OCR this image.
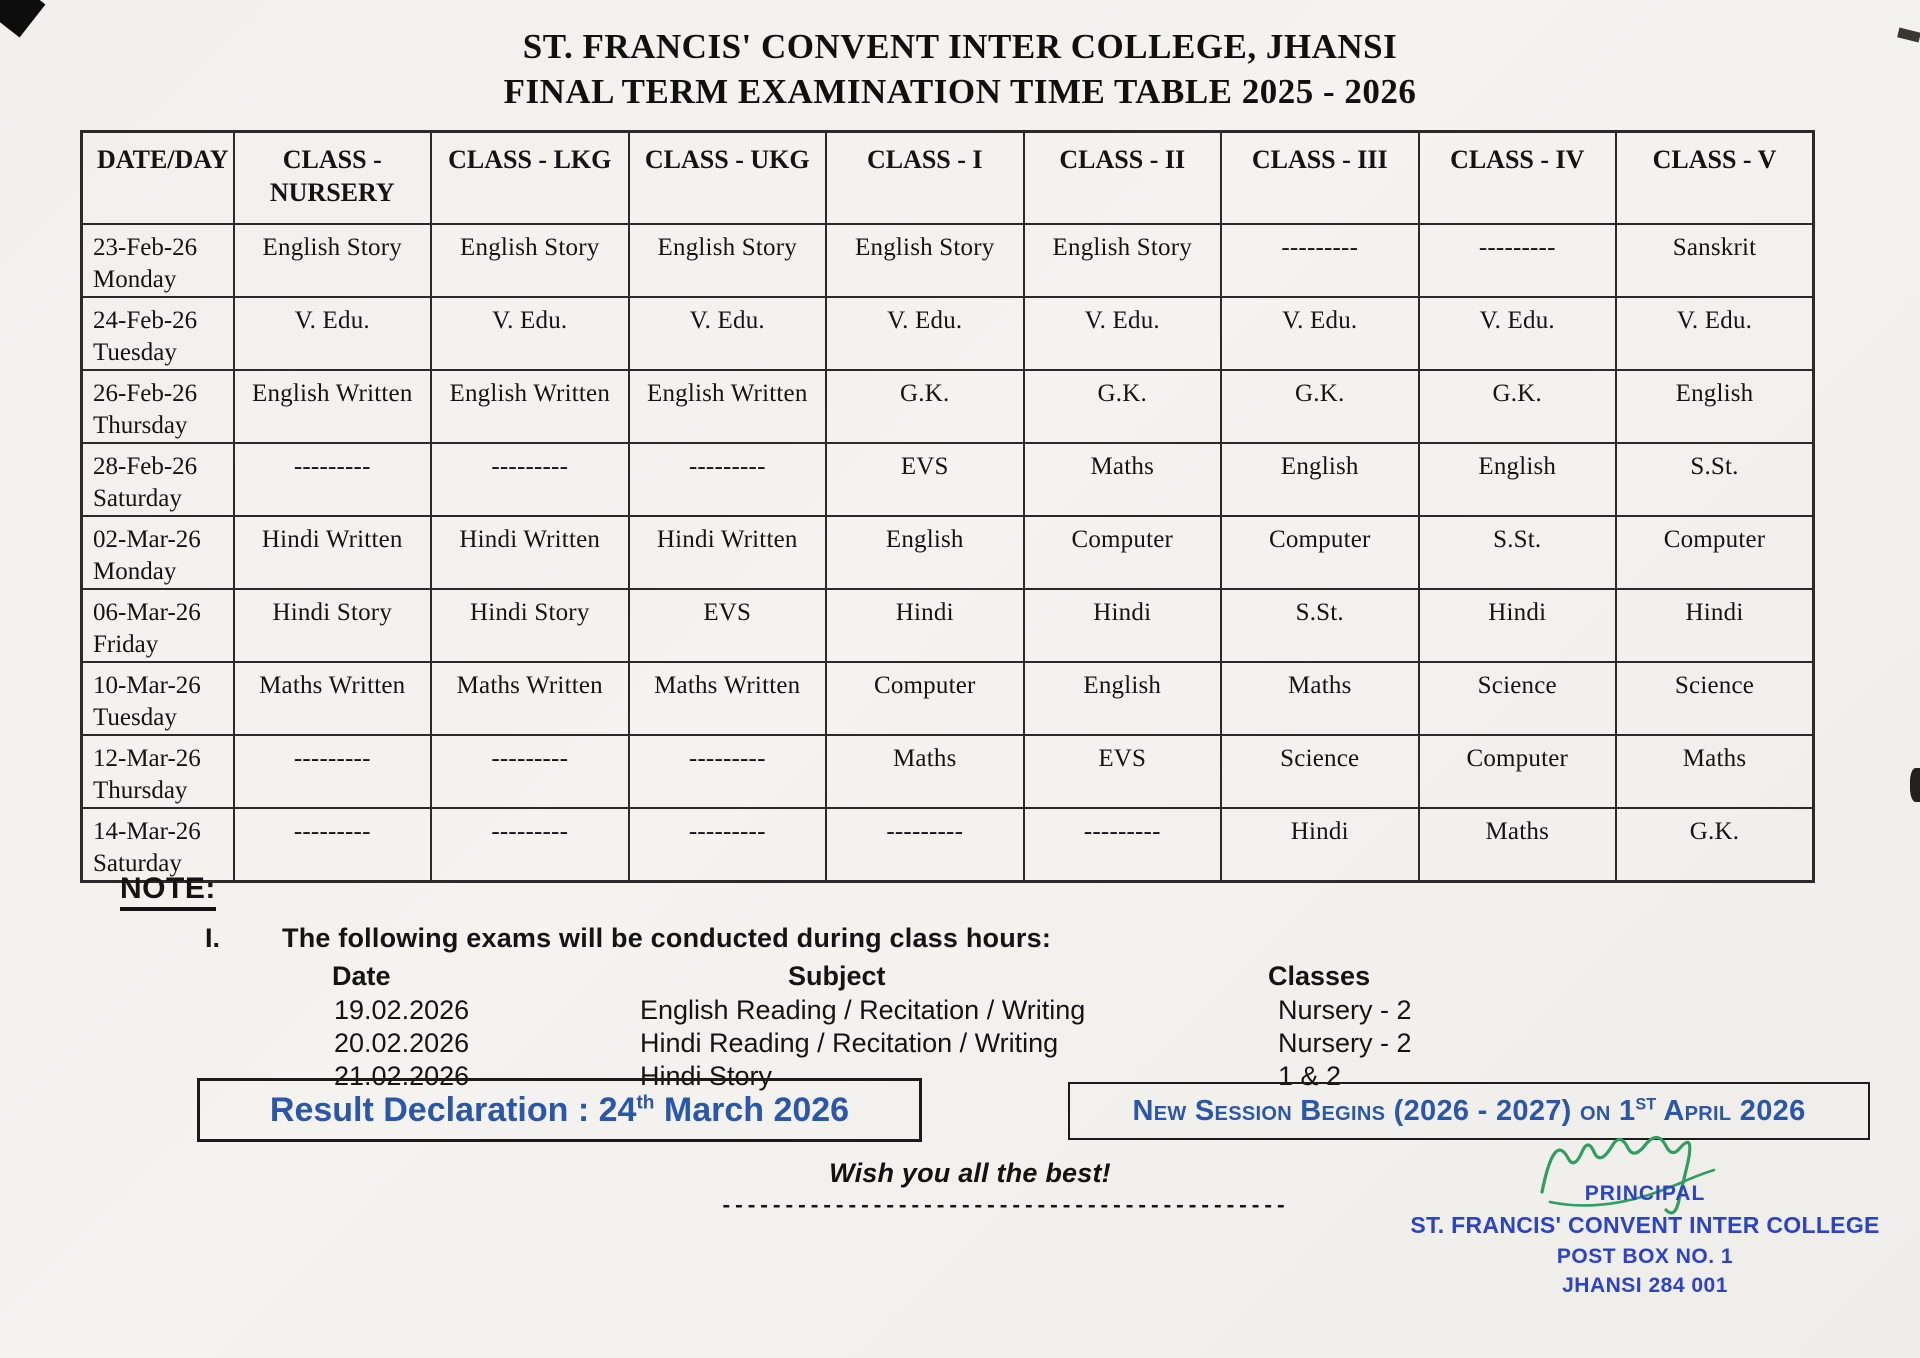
ST. FRANCIS' CONVENT INTER COLLEGE, JHANSI
FINAL TERM EXAMINATION TIME TABLE 2025 - 2026
DATE/DAY	CLASS - NURSERY	CLASS - LKG	CLASS - UKG	CLASS - I	CLASS - II	CLASS - III	CLASS - IV	CLASS - V

23-Feb-26
Monday	English Story	English Story	English Story	English Story	English Story	---------	---------	Sanskrit

24-Feb-26
Tuesday	V. Edu.	V. Edu.	V. Edu.	V. Edu.	V. Edu.	V. Edu.	V. Edu.	V. Edu.

26-Feb-26
Thursday	English Written	English Written	English Written	G.K.	G.K.	G.K.	G.K.	English

28-Feb-26
Saturday	---------	---------	---------	EVS	Maths	English	English	S.St.

02-Mar-26
Monday	Hindi Written	Hindi Written	Hindi Written	English	Computer	Computer	S.St.	Computer

06-Mar-26
Friday	Hindi Story	Hindi Story	EVS	Hindi	Hindi	S.St.	Hindi	Hindi

10-Mar-26
Tuesday	Maths Written	Maths Written	Maths Written	Computer	English	Maths	Science	Science

12-Mar-26
Thursday	---------	---------	---------	Maths	EVS	Science	Computer	Maths

14-Mar-26
Saturday	---------	---------	---------	---------	---------	Hindi	Maths	G.K.
NOTE:
I. The following exams will be conducted during class hours:
Date	Subject	Classes
19.02.2026	English Reading / Recitation / Writing	Nursery - 2
20.02.2026	Hindi Reading / Recitation / Writing	Nursery - 2
21.02.2026	Hindi Story	1 & 2
Result Declaration : 24th March 2026	New Session Begins (2026 - 2027) on 1ST April 2026
Wish you all the best!
---------------------------------------------
PRINCIPAL
ST. FRANCIS' CONVENT INTER COLLEGE
POST BOX NO. 1
JHANSI 284 001
